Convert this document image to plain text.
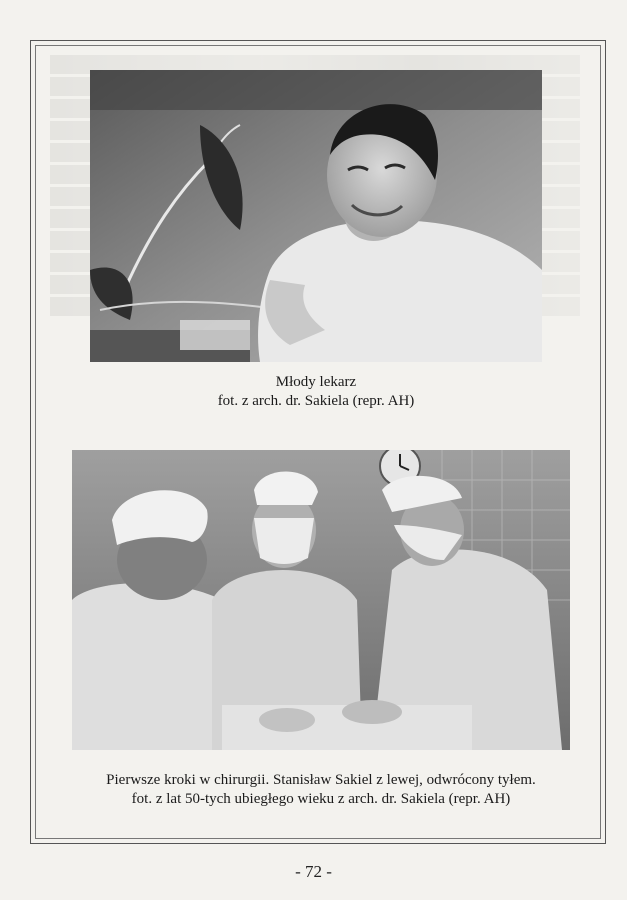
Młody lekarz
fot. z arch. dr. Sakiela (repr. AH)
Pierwsze kroki w chirurgii. Stanisław Sakiel z lewej, odwrócony tyłem.
fot. z lat 50-tych ubiegłego wieku z arch. dr. Sakiela (repr. AH)
- 72 -
